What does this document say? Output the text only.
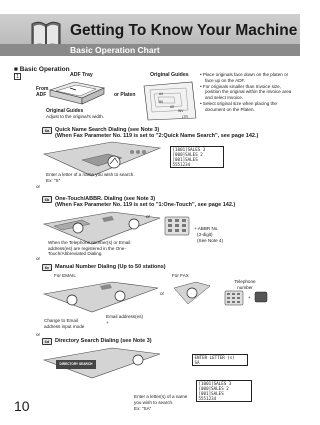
Getting To Know Your Machine
Basic Operation Chart
■ Basic Operation
1	ADF Tray
From
ADF	or Platen
Original Guides
Adjust to the original's width.
Original Guides
A4
B5
A5
INV
LTR
• Place originals face down on the platen or face up on the ADF.
• For originals smaller than Invoice size, position the original within the invoice area and select Invoice.
• Select original size when placing the document on the Platen.
6a	Quick Name Search Dialing (see Note 3)
(When Fax Parameter No. 119 is set to "2:Quick Name Search", see page 142.)
[1001]SALES 3
[000]SALES 2
[001]SALES
5551234
Enter a letter of a name you wish to search.
Ex: "S"
or
6b	One-Touch/ABBR. Dialing (see Note 3)
(When Fax Parameter No. 119 is set to "1:One-Touch", see page 142.)
or
+ ABBR No.
(3-digit)
(See Note 4)
When the Telephone number(s) or Email address(es) are registered in the One-Touch/Abbreviated Dialing.
or
6c	Manual Number Dialing (Up to 50 stations)
For EMAIL	For FAX
or
Telephone number
+
Change to Email address input mode
Email address(es) +
or
6d	Directory Search Dialing (see Note 3)
DIRECTORY SEARCH
ENTER LETTER (s)
SA
[1001]SALES 3
[000]SALES 2
[001]SALES
5551234
Enter a letter(s) of a name you wish to search.
Ex: "SA"
10
